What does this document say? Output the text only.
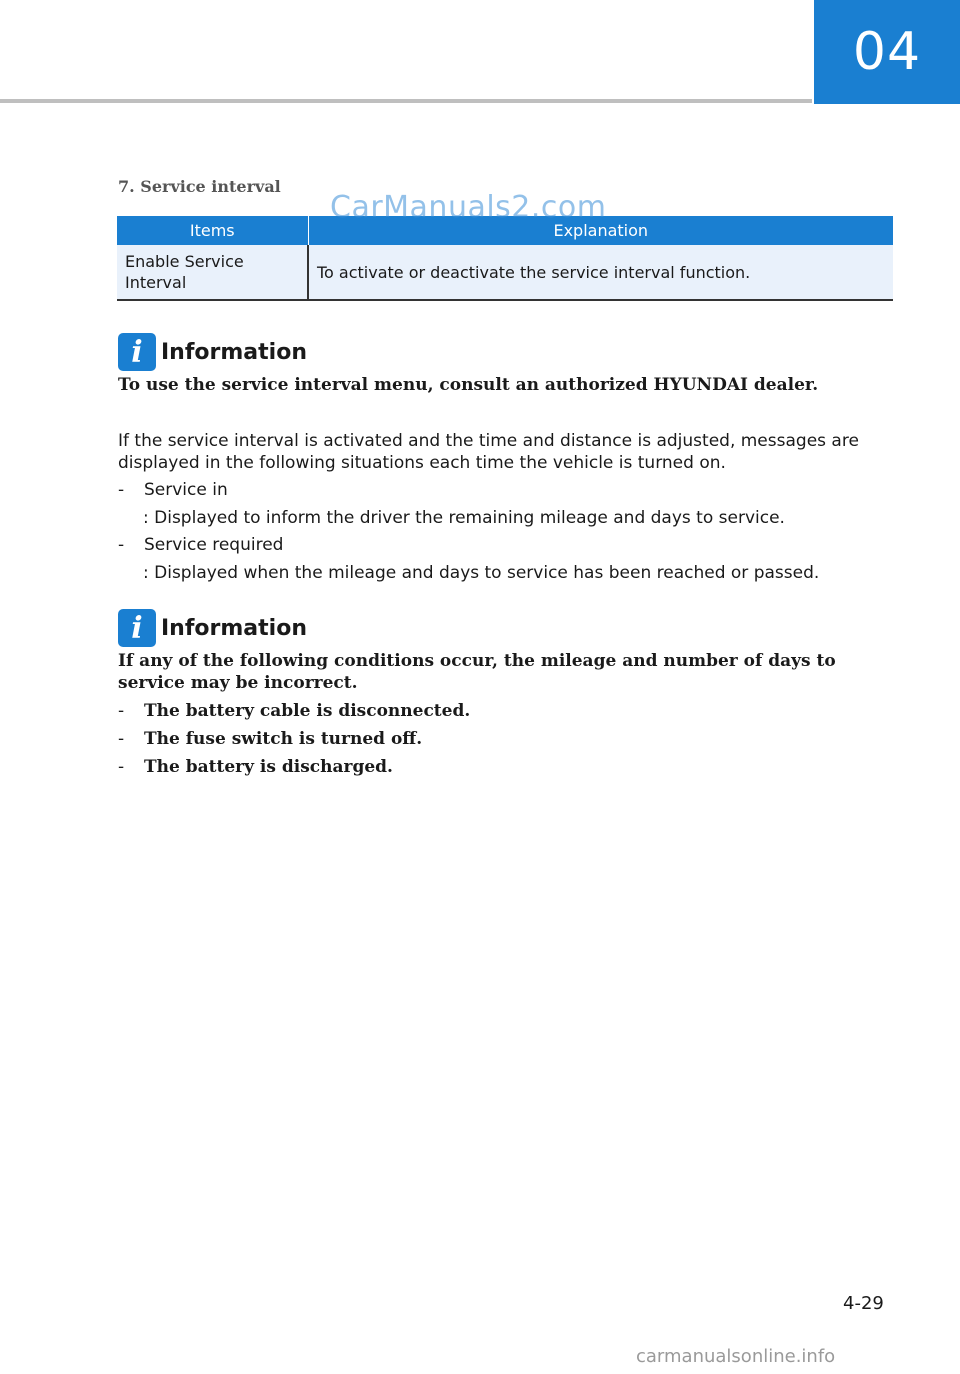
04
7. Service interval
Items	Explanation
Enable Service Interval	To activate or deactivate the service interval function.
CarManuals2.com
i Information
To use the service interval menu, consult an authorized HYUNDAI dealer.
If the service interval is activated and the time and distance is adjusted, messages are displayed in the following situations each time the vehicle is turned on.
- Service in
: Displayed to inform the driver the remaining mileage and days to service.
- Service required
: Displayed when the mileage and days to service has been reached or passed.
i Information
If any of the following conditions occur, the mileage and number of days to service may be incorrect.
- The battery cable is disconnected.
- The fuse switch is turned off.
- The battery is discharged.
4-29
carmanualsonline.info
